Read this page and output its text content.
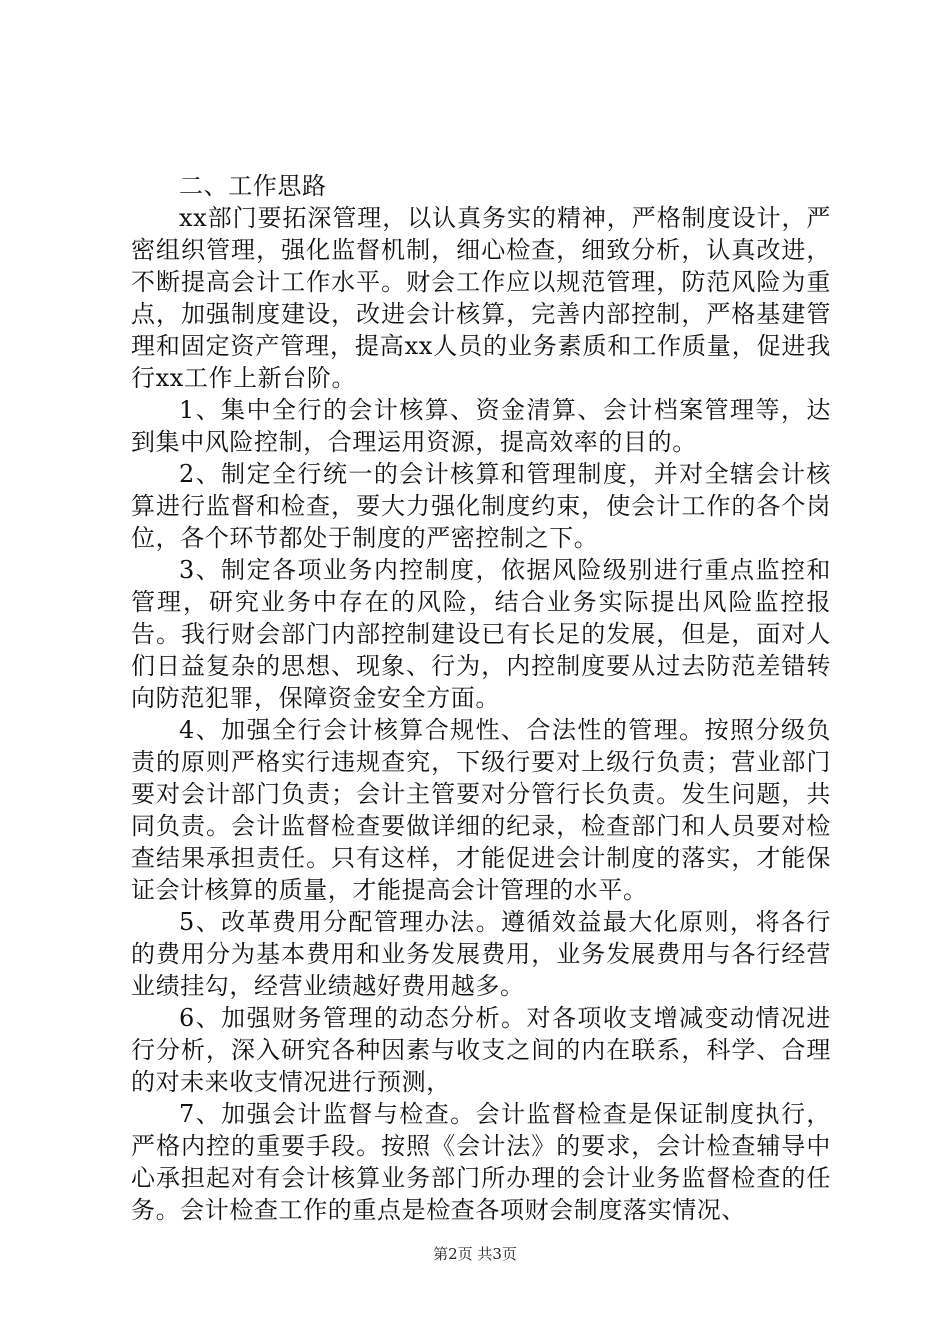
二、工作思路

xx部门要拓深管理，以认真务实的精神，严格制度设计，严密组织管理，强化监督机制，细心检查，细致分析，认真改进，不断提高会计工作水平。财会工作应以规范管理，防范风险为重点，加强制度建设，改进会计核算，完善内部控制，严格基建管理和固定资产管理，提高xx人员的业务素质和工作质量，促进我行xx工作上新台阶。

1、集中全行的会计核算、资金清算、会计档案管理等，达到集中风险控制，合理运用资源，提高效率的目的。

2、制定全行统一的会计核算和管理制度，并对全辖会计核算进行监督和检查，要大力强化制度约束，使会计工作的各个岗位，各个环节都处于制度的严密控制之下。

3、制定各项业务内控制度，依据风险级别进行重点监控和管理，研究业务中存在的风险，结合业务实际提出风险监控报告。我行财会部门内部控制建设已有长足的发展，但是，面对人们日益复杂的思想、现象、行为，内控制度要从过去防范差错转向防范犯罪，保障资金安全方面。

4、加强全行会计核算合规性、合法性的管理。按照分级负责的原则严格实行违规查究，下级行要对上级行负责；营业部门要对会计部门负责；会计主管要对分管行长负责。发生问题，共同负责。会计监督检查要做详细的纪录，检查部门和人员要对检查结果承担责任。只有这样，才能促进会计制度的落实，才能保证会计核算的质量，才能提高会计管理的水平。

5、改革费用分配管理办法。遵循效益最大化原则，将各行的费用分为基本费用和业务发展费用，业务发展费用与各行经营业绩挂勾，经营业绩越好费用越多。

6、加强财务管理的动态分析。对各项收支增减变动情况进行分析，深入研究各种因素与收支之间的内在联系，科学、合理的对未来收支情况进行预测，

7、加强会计监督与检查。会计监督检查是保证制度执行，严格内控的重要手段。按照《会计法》的要求，会计检查辅导中心承担起对有会计核算业务部门所办理的会计业务监督检查的任务。会计检查工作的重点是检查各项财会制度落实情况、

第2页 共3页
